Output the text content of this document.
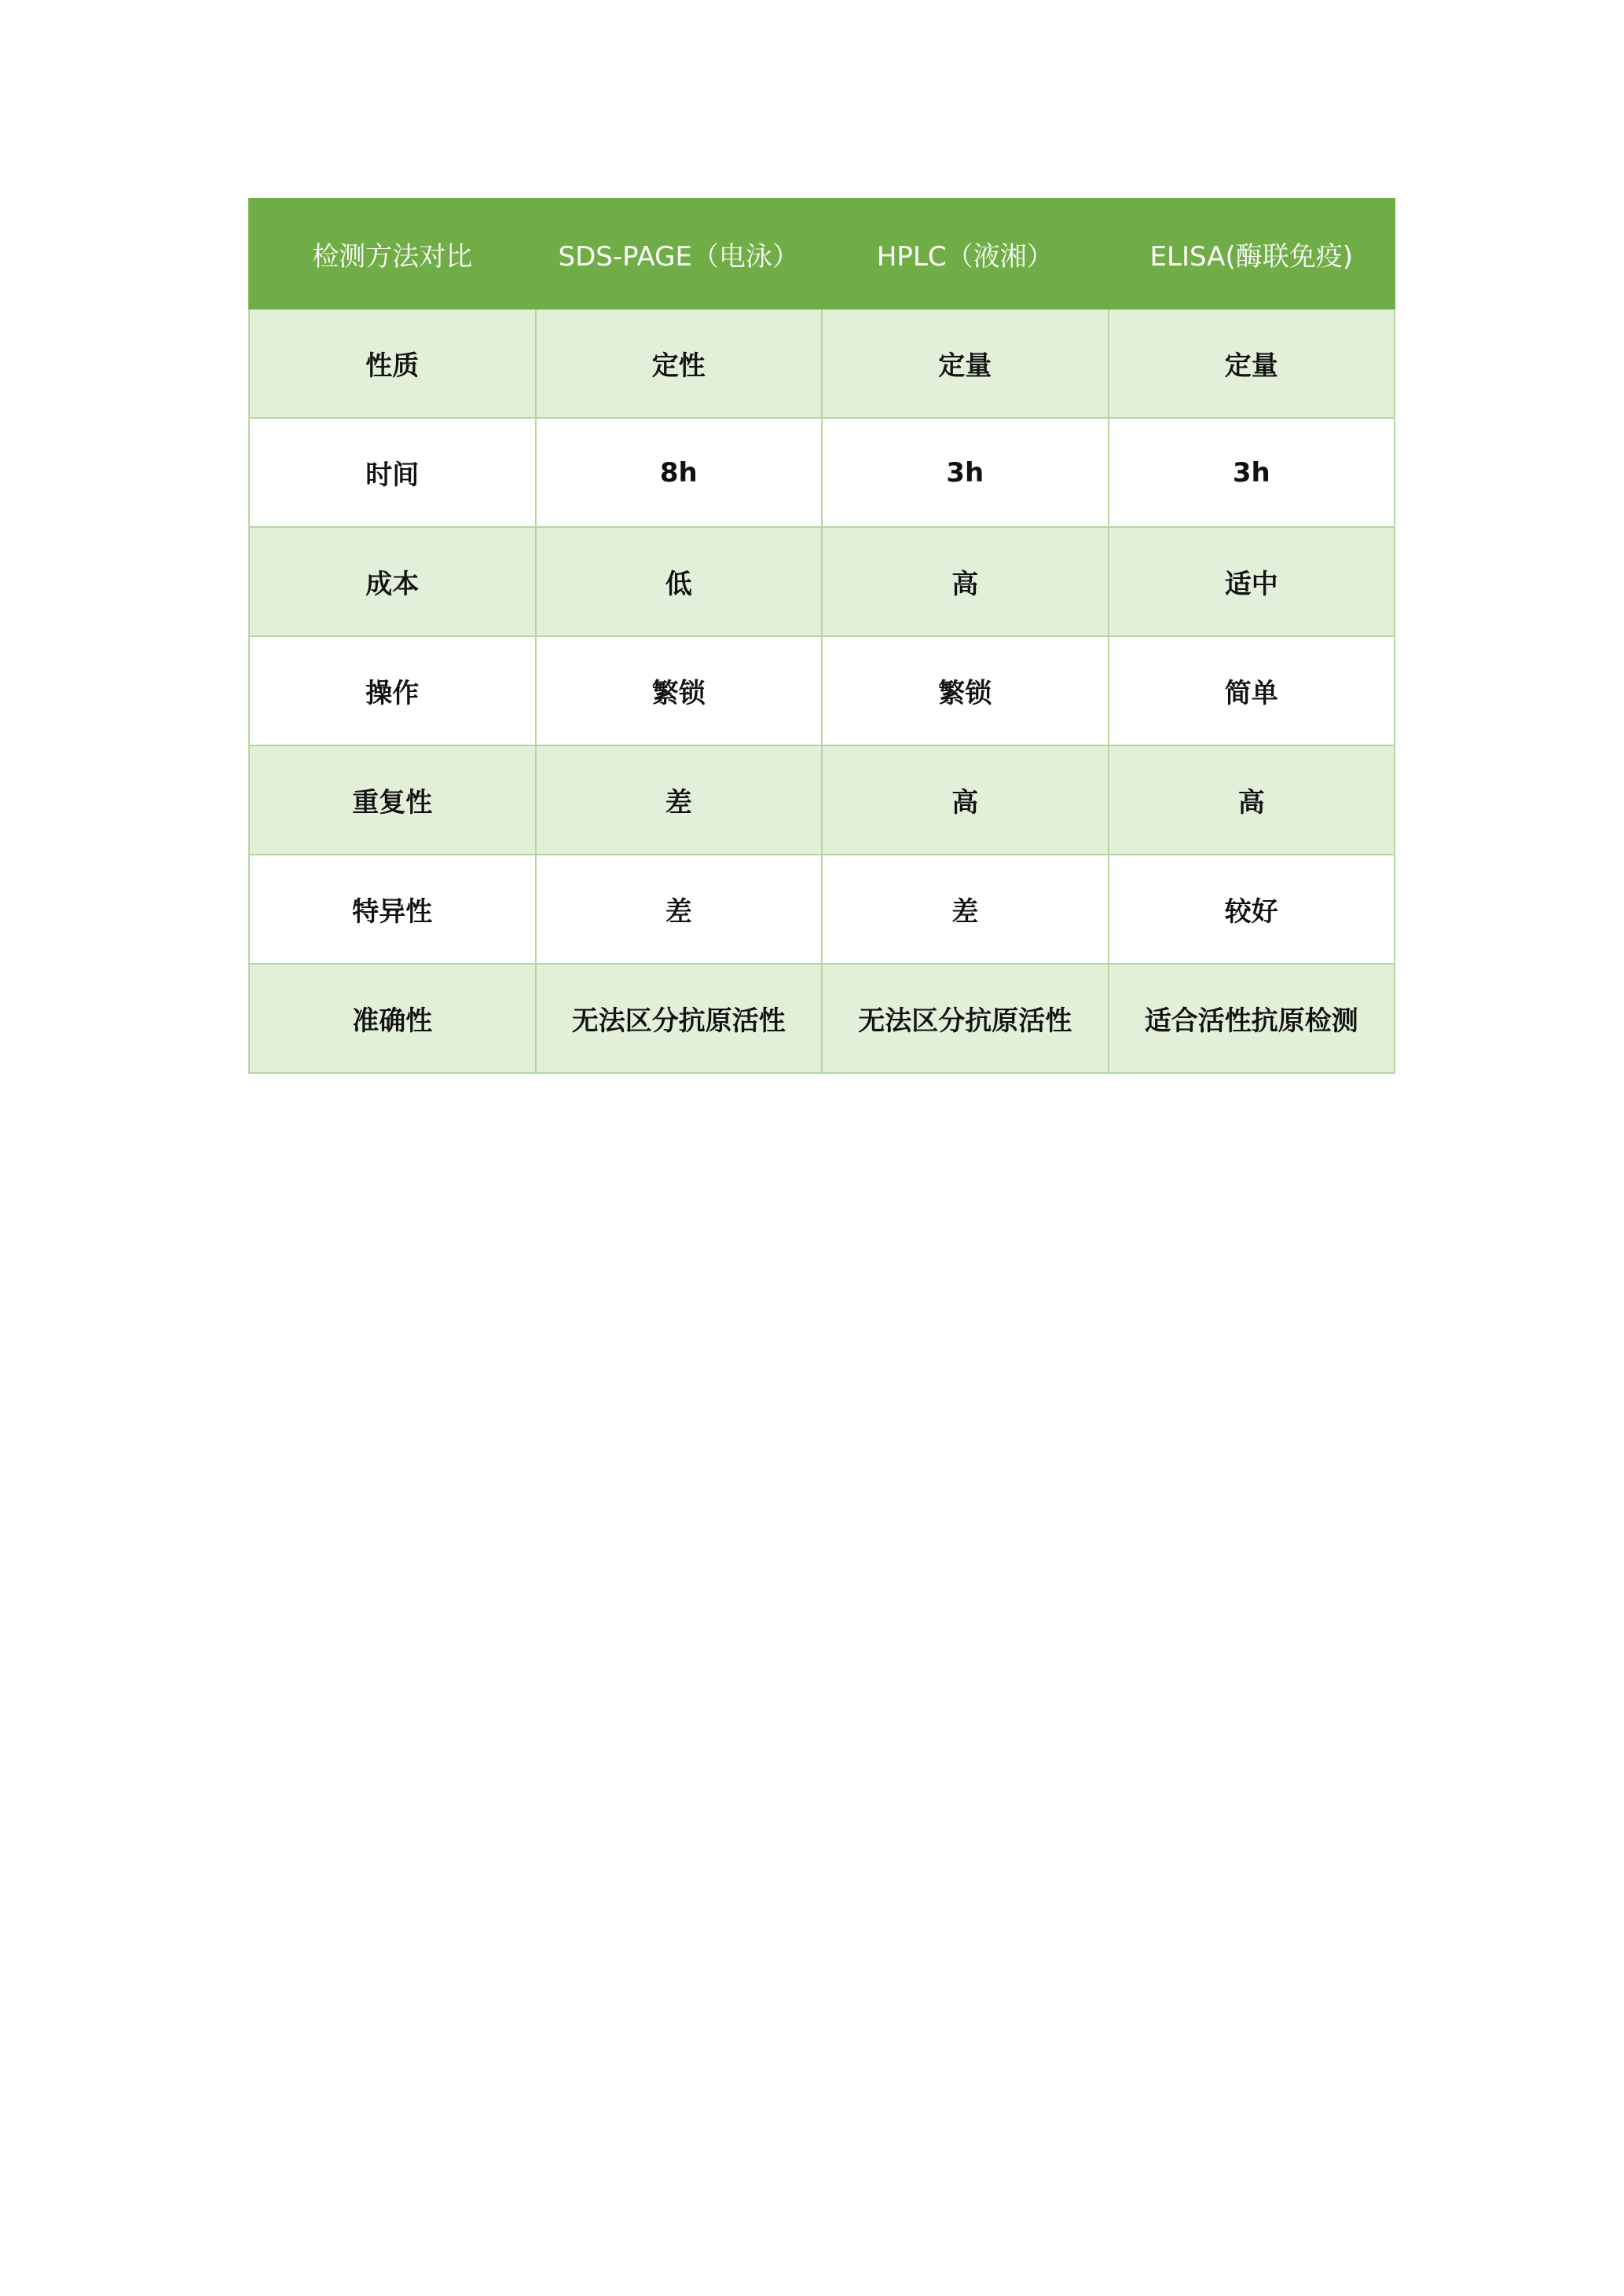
检测方法对比	SDS-PAGE（电泳）	HPLC（液湘）	ELISA(酶联免疫)
性质	定性	定量	定量
时间	8h	3h	3h
成本	低	高	适中
操作	繁锁	繁锁	简单
重复性	差	高	高
特异性	差	差	较好
准确性	无法区分抗原活性	无法区分抗原活性	适合活性抗原检测
